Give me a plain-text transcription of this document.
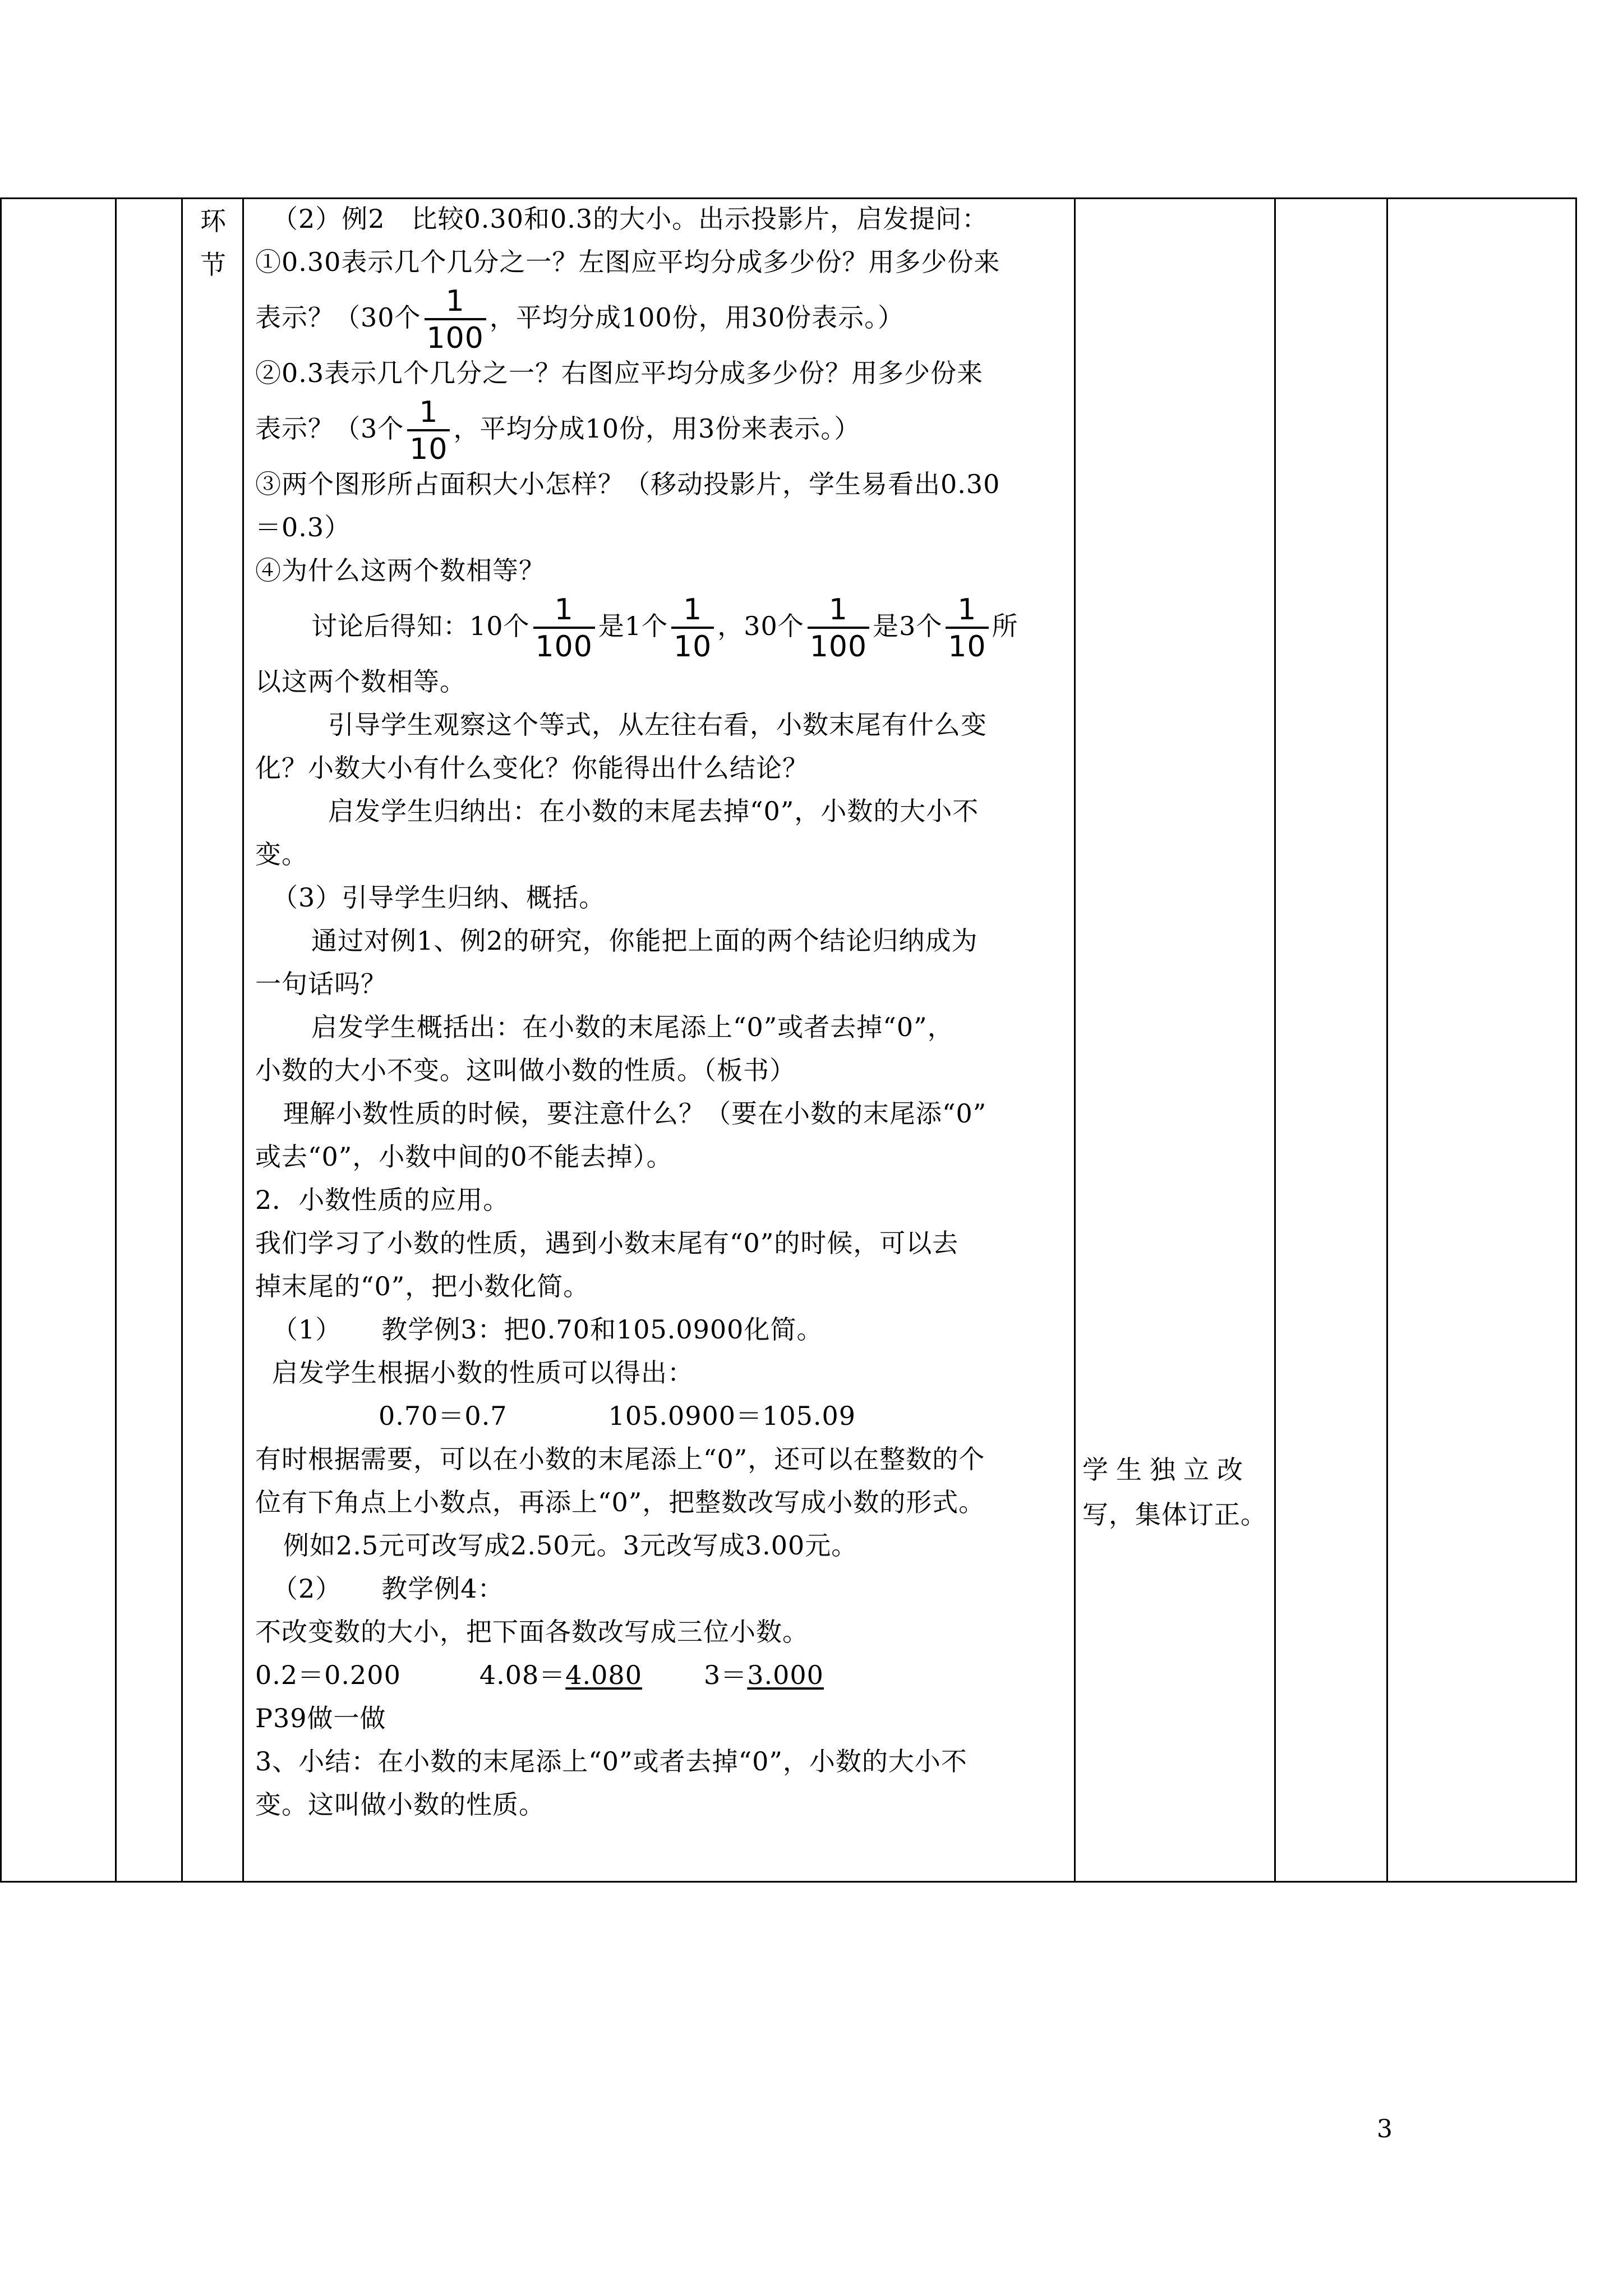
环
节
（2）例2　比较0.30和0.3的大小。出示投影片，启发提问：
①0.30表示几个几分之一？左图应平均分成多少份？用多少份来
表示？（30个 $\frac{1}{100}$ ，平均分成100份，用30份表示。）
②0.3表示几个几分之一？右图应平均分成多少份？用多少份来
表示？（3个 $\frac{1}{10}$ ，平均分成10份，用3份来表示。）
③两个图形所占面积大小怎样？（移动投影片，学生易看出0.30
＝0.3）
④为什么这两个数相等？
讨论后得知：10个 $\frac{1}{100}$ 是1个 $\frac{1}{10}$ ，30个 $\frac{1}{100}$ 是3个 $\frac{1}{10}$ 所
以这两个数相等。
引导学生观察这个等式，从左往右看，小数末尾有什么变
化？小数大小有什么变化？你能得出什么结论？
启发学生归纳出：在小数的末尾去掉“0”，小数的大小不
变。
（3）引导学生归纳、概括。
通过对例1、例2的研究，你能把上面的两个结论归纳成为
一句话吗？
启发学生概括出：在小数的末尾添上“0”或者去掉“0”，
小数的大小不变。这叫做小数的性质。（板书）
理解小数性质的时候，要注意什么？（要在小数的末尾添“0”
或去“0”，小数中间的0不能去掉）。
2．小数性质的应用。
我们学习了小数的性质，遇到小数末尾有“0”的时候，可以去
掉末尾的“0”，把小数化简。
（1）　　教学例3：把0.70和105.0900化简。
启发学生根据小数的性质可以得出：
0.70＝0.7	105.0900＝105.09
有时根据需要，可以在小数的末尾添上“0”，还可以在整数的个
位有下角点上小数点，再添上“0”，把整数改写成小数的形式。
例如2.5元可改写成2.50元。3元改写成3.00元。
（2）　　教学例4：
不改变数的大小，把下面各数改写成三位小数。
0.2＝0.200	4.08＝4.080 3＝3.000
P39做一做
3、小结：在小数的末尾添上“0”或者去掉“0”，小数的大小不
变。这叫做小数的性质。
学生独立改
写，集体订正。
3
